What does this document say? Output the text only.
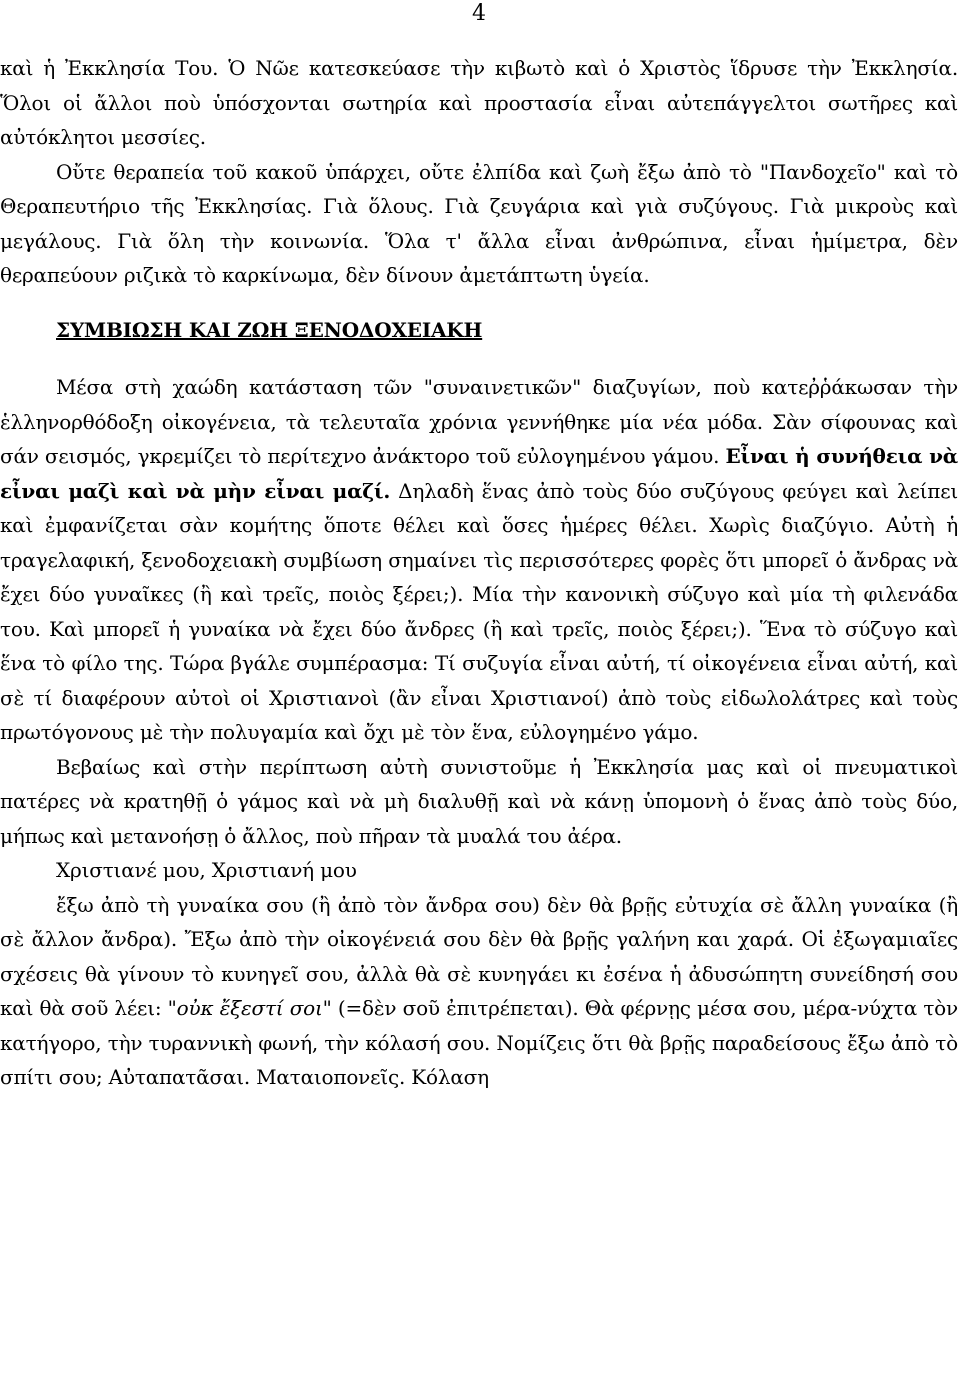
4

καὶ ἡ Ἐκκλησία Του. Ὁ Νῶε κατεσκεύασε τὴν κιβωτὸ καὶ ὁ Χριστὸς ἵδρυσε τὴν Ἐκκλησία. Ὅλοι οἱ ἄλλοι ποὺ ὑπόσχονται σωτηρία καὶ προστασία εἶναι αὐτεπάγγελτοι σωτῆρες καὶ αὐτόκλητοι μεσσίες.

Οὔτε θεραπεία τοῦ κακοῦ ὑπάρχει, οὔτε ἐλπίδα καὶ ζωὴ ἔξω ἀπὸ τὸ "Πανδοχεῖο" καὶ τὸ Θεραπευτήριο τῆς Ἐκκλησίας. Γιὰ ὅλους. Γιὰ ζευγάρια καὶ γιὰ συζύγους. Γιὰ μικροὺς καὶ μεγάλους. Γιὰ ὅλη τὴν κοινωνία. Ὅλα τ' ἄλλα εἶναι ἀνθρώπινα, εἶναι ἡμίμετρα, δὲν θεραπεύουν ριζικὰ τὸ καρκίνωμα, δὲν δίνουν ἀμετάπτωτη ὑγεία.

ΣΥΜΒΙΩΣΗ ΚΑΙ ΖΩΗ ΞΕΝΟΔΟΧΕΙΑΚΗ

Μέσα στὴ χαώδη κατάσταση τῶν "συναινετικῶν" διαζυγίων, ποὺ κατεῤῥάκωσαν τὴν ἑλληνορθόδοξη οἰκογένεια, τὰ τελευταῖα χρόνια γεννήθηκε μία νέα μόδα. Σὰν σίφουνας καὶ σάν σεισμός, γκρεμίζει τὸ περίτεχνο ἀνάκτορο τοῦ εὐλογημένου γάμου. Εἶναι ἡ συνήθεια νὰ εἶναι μαζὶ καὶ νὰ μὴν εἶναι μαζί. Δηλαδὴ ἕνας ἀπὸ τοὺς δύο συζύγους φεύγει καὶ λείπει καὶ ἐμφανίζεται σὰν κομήτης ὅποτε θέλει καὶ ὅσες ἡμέρες θέλει. Χωρὶς διαζύγιο. Αὐτὴ ἡ τραγελαφική, ξενοδοχειακὴ συμβίωση σημαίνει τὶς περισσότερες φορὲς ὅτι μπορεῖ ὁ ἄνδρας νὰ ἔχει δύο γυναῖκες (ἢ καὶ τρεῖς, ποιὸς ξέρει;). Μία τὴν κανονικὴ σύζυγο καὶ μία τὴ φιλενάδα του. Καὶ μπορεῖ ἡ γυναίκα νὰ ἔχει δύο ἄνδρες (ἢ καὶ τρεῖς, ποιὸς ξέρει;). Ἕνα τὸ σύζυγο καὶ ἕνα τὸ φίλο της. Τώρα βγάλε συμπέρασμα: Τί συζυγία εἶναι αὐτή, τί οἰκογένεια εἶναι αὐτή, καὶ σὲ τί διαφέρουν αὐτοὶ οἱ Χριστιανοὶ (ἂν εἶναι Χριστιανοί) ἀπὸ τοὺς εἰδωλολάτρες καὶ τοὺς πρωτόγονους μὲ τὴν πολυγαμία καὶ ὄχι μὲ τὸν ἕνα, εὐλογημένο γάμο.

Βεβαίως καὶ στὴν περίπτωση αὐτὴ συνιστοῦμε ἡ Ἐκκλησία μας καὶ οἱ πνευματικοὶ πατέρες νὰ κρατηθῇ ὁ γάμος καὶ νὰ μὴ διαλυθῇ καὶ νὰ κάνῃ ὑπομονὴ ὁ ἕνας ἀπὸ τοὺς δύο, μήπως καὶ μετανοήσῃ ὁ ἄλλος, ποὺ πῆραν τὰ μυαλά του ἀέρα.

Χριστιανέ μου, Χριστιανή μου

ἔξω ἀπὸ τὴ γυναίκα σου (ἢ ἀπὸ τὸν ἄνδρα σου) δὲν θὰ βρῇς εὐτυχία σὲ ἄλλη γυναίκα (ἢ σὲ ἄλλον ἄνδρα). Ἔξω ἀπὸ τὴν οἰκογένειά σου δὲν θὰ βρῇς γαλήνη και χαρά. Οἱ ἐξωγαμιαῖες σχέσεις θὰ γίνουν τὸ κυνηγεῖ σου, ἀλλὰ θὰ σὲ κυνηγάει κι ἐσένα ἡ ἀδυσώπητη συνείδησή σου καὶ θὰ σοῦ λέει: "οὐκ ἔξεστί σοι" (=δὲν σοῦ ἐπιτρέπεται). Θὰ φέρνῃς μέσα σου, μέρα-νύχτα τὸν κατήγορο, τὴν τυραννικὴ φωνή, τὴν κόλασή σου. Νομίζεις ὅτι θὰ βρῇς παραδείσους ἔξω ἀπὸ τὸ σπίτι σου; Αὐταπατᾶσαι. Ματαιοπονεῖς. Κόλαση
